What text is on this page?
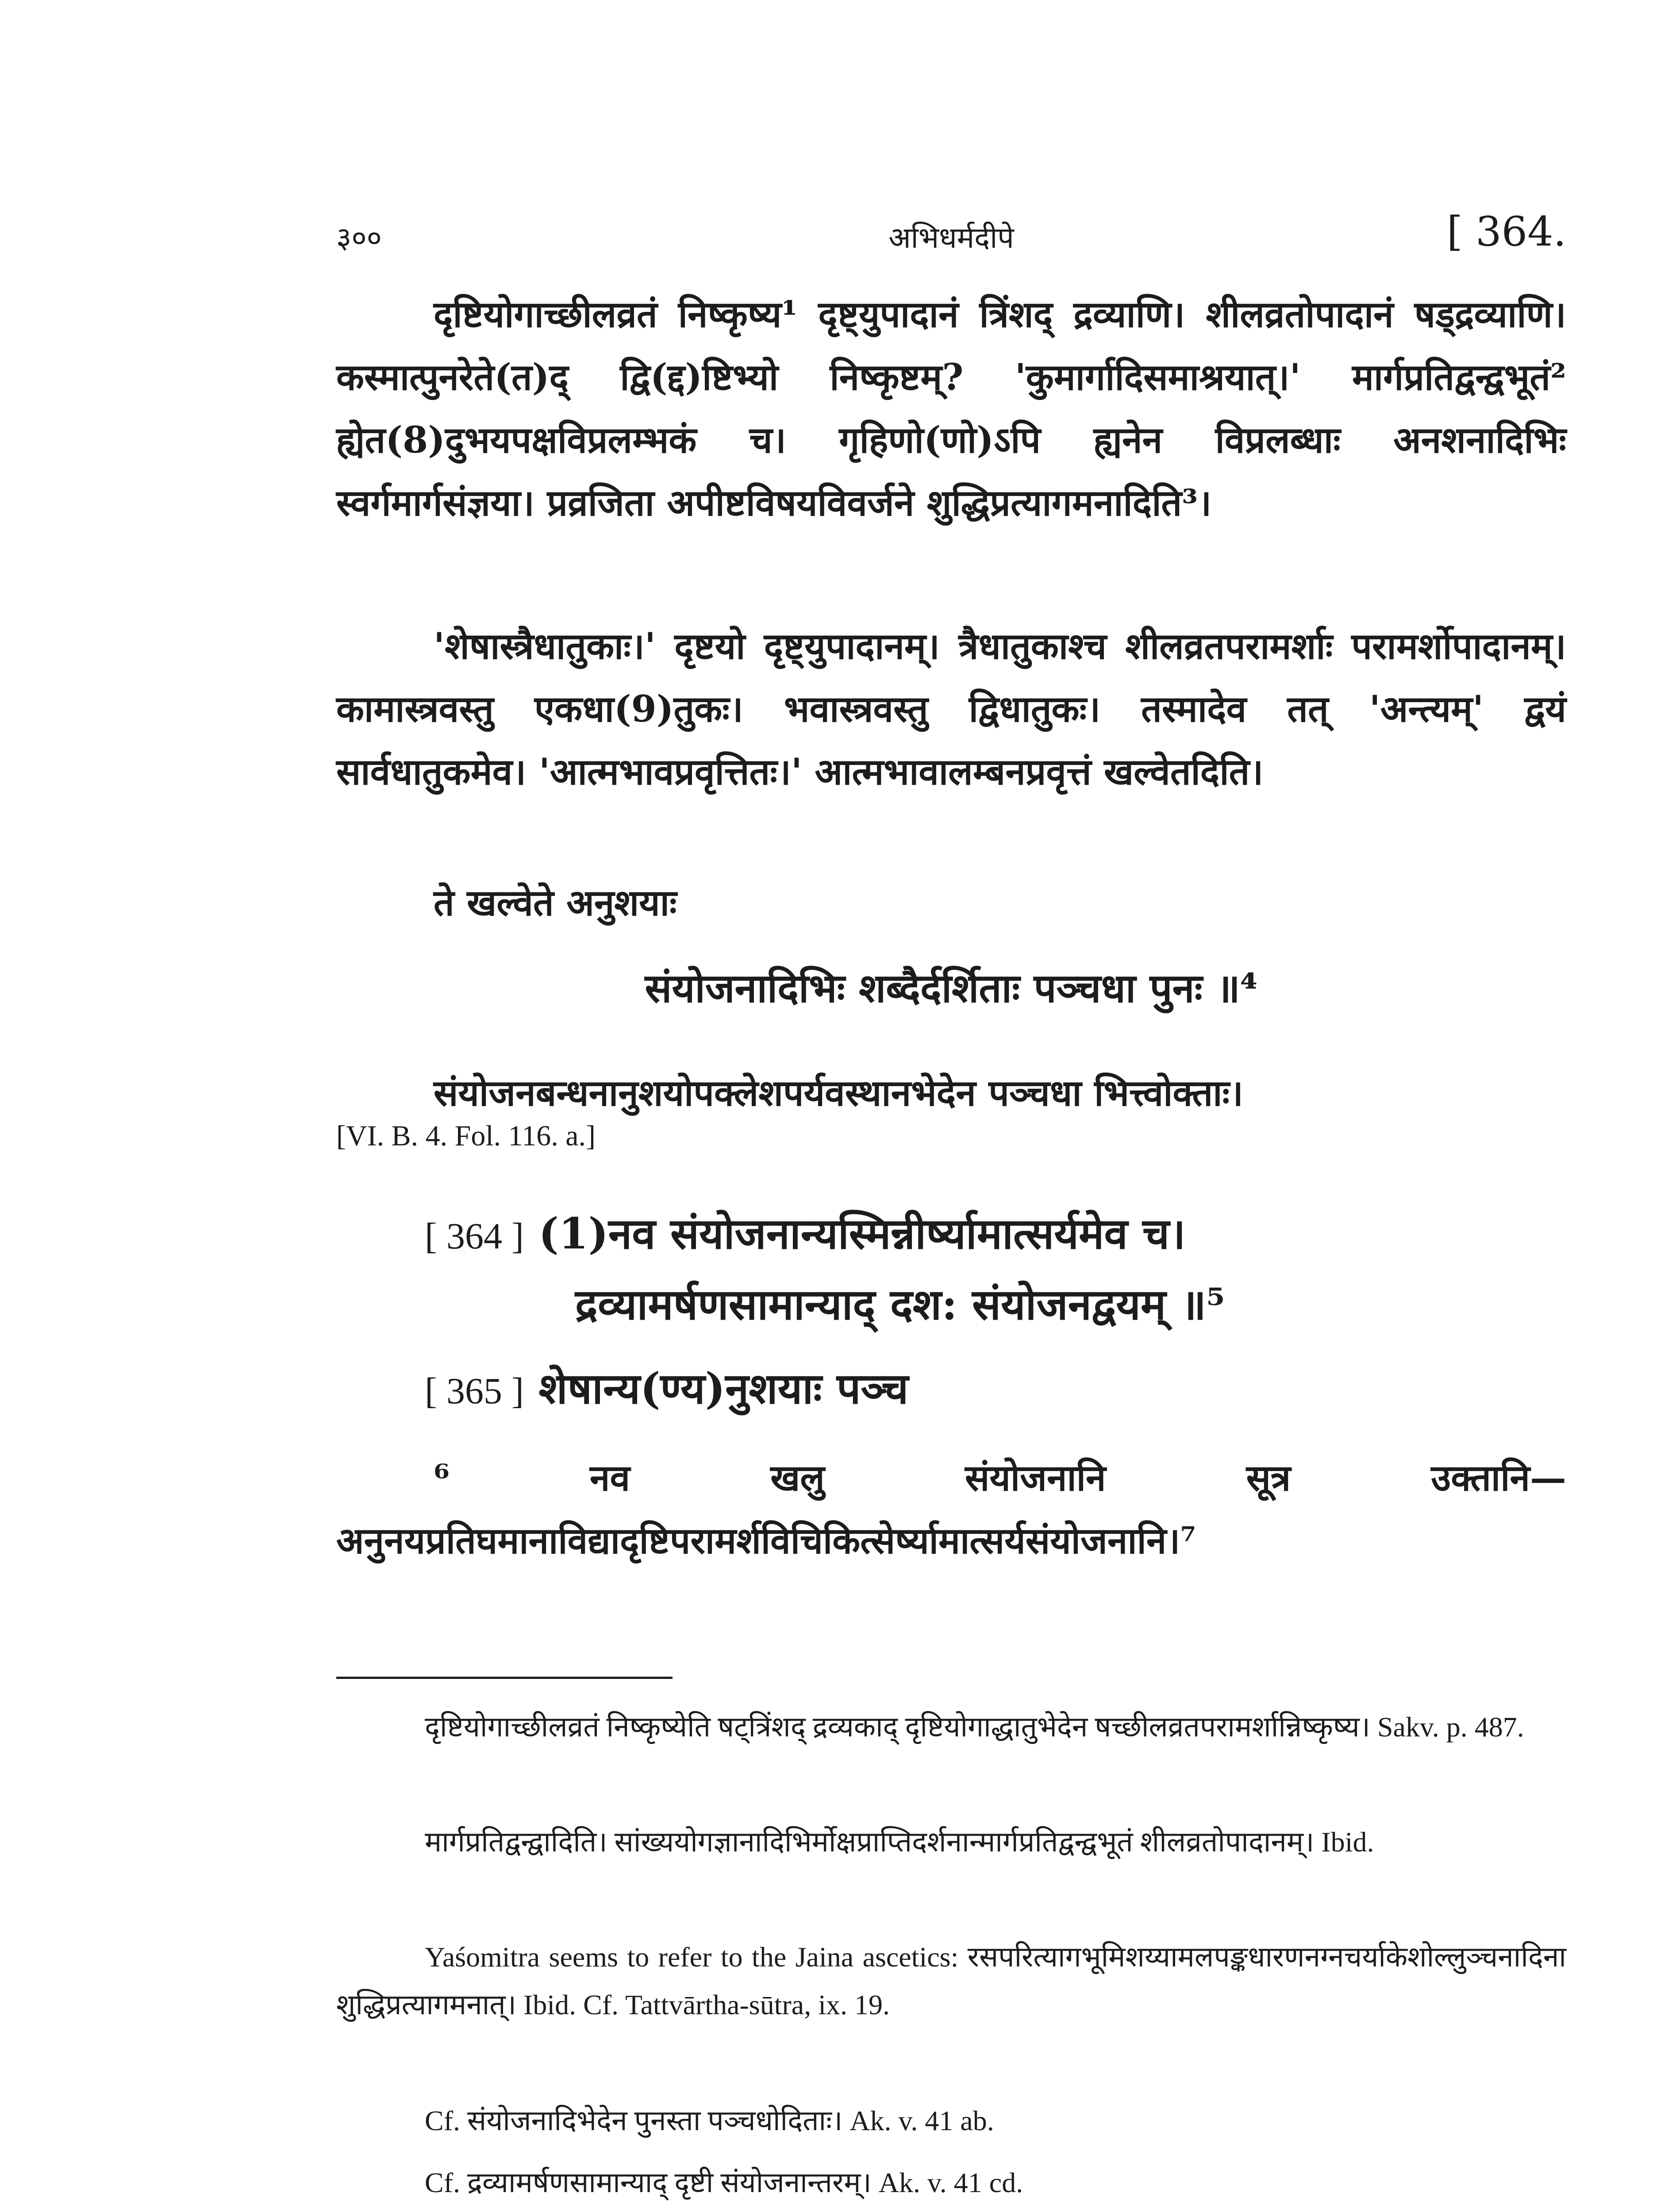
३००	अभिधर्मदीपे	[ 364.

दृष्टियोगाच्छीलव्रतं निष्कृष्य¹ दृष्ट्युपादानं त्रिंशद् द्रव्याणि। शीलव्रतोपादानं षड्द्रव्याणि। कस्मात्पुनरेते(त)द् द्वि(द्द)ष्टिभ्यो निष्कृष्टम्? 'कुमार्गादिसमाश्रयात्।' मार्गप्रतिद्वन्द्वभूतं² ह्येत(8)दुभयपक्षविप्रलम्भकं च। गृहिणो(णो)ऽपि ह्यनेन विप्रलब्धाः अनशनादिभिः स्वर्गमार्गसंज्ञया। प्रव्रजिता अपीष्टविषयविवर्जने शुद्धिप्रत्यागमनादिति³।

'शेषास्त्रैधातुकाः।' दृष्टयो दृष्ट्युपादानम्। त्रैधातुकाश्च शीलव्रतपरामर्शाः परामर्शोपादानम्। कामास्त्रवस्तु एकधा(9)तुकः। भवास्त्रवस्तु द्विधातुकः। तस्मादेव तत् 'अन्त्यम्' द्वयं सार्वधातुकमेव। 'आत्मभावप्रवृत्तितः।' आत्मभावालम्बनप्रवृत्तं खल्वेतदिति।

ते खल्वेते अनुशयाः

संयोजनादिभिः शब्दैर्दर्शिताः पञ्चधा पुनः ॥⁴

संयोजनबन्धनानुशयोपक्लेशपर्यवस्थानभेदेन पञ्चधा भित्त्वोक्ताः।

[VI. B. 4. Fol. 116. a.]
[ 364 ] (1)नव संयोजनान्यस्मिन्नीर्ष्यामात्सर्यमेव च।
द्रव्यामर्षणसामान्याद् दश: संयोजनद्वयम् ॥⁵
[ 365 ] शेषान्य(ण्य)नुशयाः पञ्च

⁶ नव खलु संयोजनानि सूत्र उक्तानि—अनुनयप्रतिघमानाविद्यादृष्टिपरामर्शविचिकित्सेर्ष्यामात्सर्यसंयोजनानि।⁷

दृष्टियोगाच्छीलव्रतं निष्कृष्येति षट्त्रिंशद् द्रव्यकाद् दृष्टियोगाद्धातुभेदेन षच्छीलव्रतपरामर्शान्निष्कृष्य। Sakv. p. 487.

मार्गप्रतिद्वन्द्वादिति। सांख्ययोगज्ञानादिभिर्मोक्षप्राप्तिदर्शनान्मार्गप्रतिद्वन्द्वभूतं शीलव्रतोपादानम्। Ibid.

Yaśomitra seems to refer to the Jaina ascetics: रसपरित्यागभूमिशय्यामलपङ्कधारणनग्नचर्याकेशोल्लुञ्चनादिना शुद्धिप्रत्यागमनात्। Ibid. Cf. Tattvārtha-sūtra, ix. 19.

Cf. संयोजनादिभेदेन पुनस्ता पञ्चधोदिताः। Ak. v. 41 ab.

Cf. द्रव्यामर्षणसामान्याद् दृष्टी संयोजनान्तरम्। Ak. v. 41 cd.
